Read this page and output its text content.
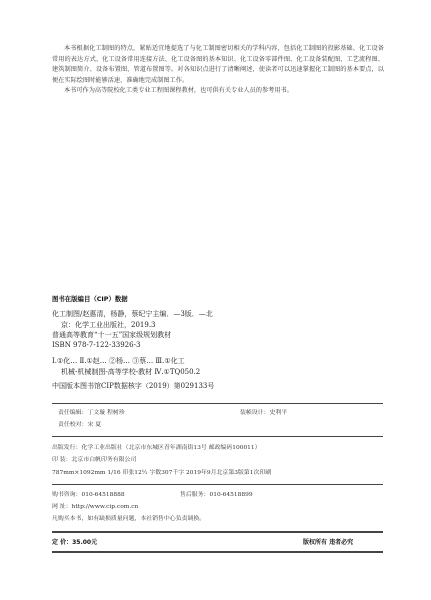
本书根据化工制图的特点，紧贴适宜地提选了与化工制图密切相关的学科内容，包括化工制图的投影基础、化工设备常用的表达方式、化工设备常用连接方法、化工设备图的基本知识、化工设备零部件图、化工设备装配图、工艺流程图、建筑制图简介、设备布置图、管道布置图等。对各知识点进行了清晰阐述，使读者可以迅速掌握化工制图的基本要点，以便在实际绘图时能够活速、准确地完成制图工作。

本书可作为高等院校化工类专业工程图课程教材，也可供有关专业人员的参考用书。

图书在版编目（CIP）数据
化工制图/赵惠清，杨静，蔡纪宁主编．—3版．—北
京：化学工业出版社，2019.3
普通高等教育“十一五”国家级规划教材
ISBN 978-7-122-33926-3
Ⅰ.①化… Ⅱ.①赵… ②杨… ③蔡… Ⅲ.①化工
机械-机械制图-高等学校-教材 Ⅳ.①TQ050.2
中国版本图书馆CIP数据核字（2019）第029133号
责任编辑：丁文璇 程树珍	装帧设计：史利平
责任校对：宋 夏
出版发行：化学工业出版社（北京市东城区青年湖南街13号 邮政编码100011）
印 装：北京市白帆印务有限公司
787mm×1092mm 1/16 印张12½ 字数307千字 2019年9月北京第3版第1次印刷
购书咨询：010-64518888	售后服务：010-64518899
网 址：http://www.cip.com.cn
凡购买本书，如有缺损质量问题，本社销售中心负责调换。
定 价：35.00元	版权所有 违者必究
